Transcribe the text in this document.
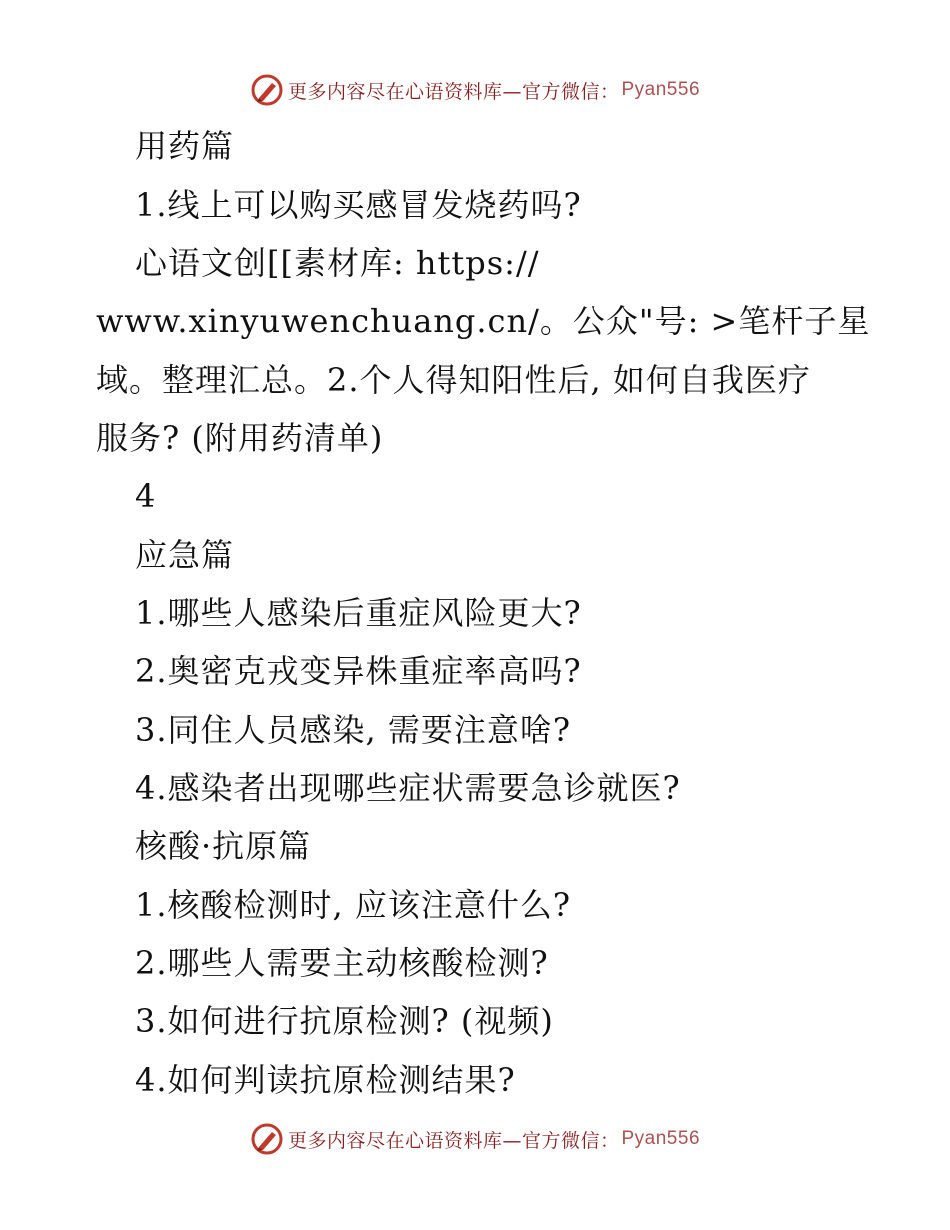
更多内容尽在心语资料库—官方微信： Pyan556
用药篇
1.线上可以购买感冒发烧药吗?
心语文创[[素材库: https://
www.xinyuwenchuang.cn/。公众"号: >笔杆子星
域。整理汇总。2.个人得知阳性后, 如何自我医疗
服务? (附用药清单)
4
应急篇
1.哪些人感染后重症风险更大?
2.奥密克戎变异株重症率高吗?
3.同住人员感染, 需要注意啥?
4.感染者出现哪些症状需要急诊就医?
核酸·抗原篇
1.核酸检测时, 应该注意什么?
2.哪些人需要主动核酸检测?
3.如何进行抗原检测? (视频)
4.如何判读抗原检测结果?
更多内容尽在心语资料库—官方微信： Pyan556
